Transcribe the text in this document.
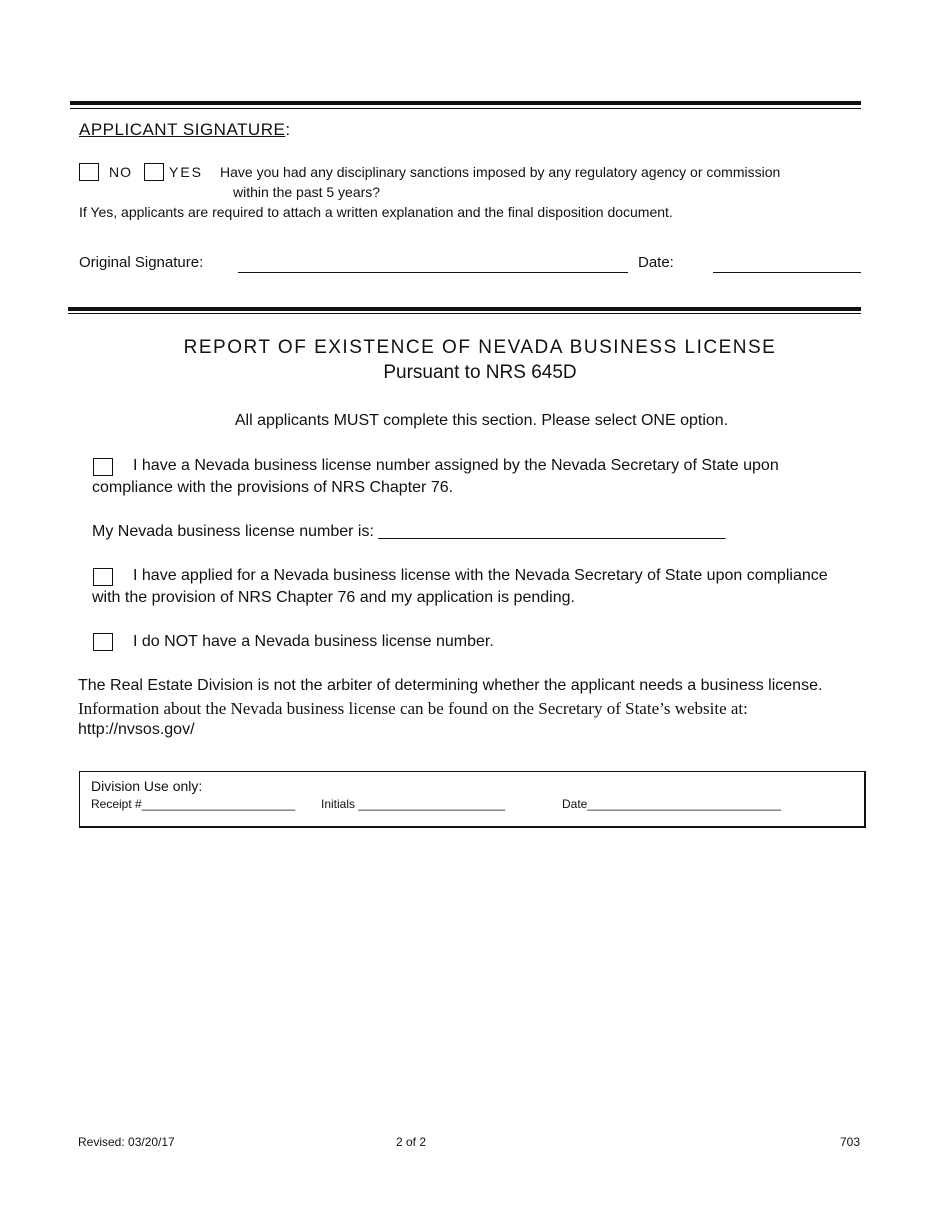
APPLICANT SIGNATURE:
NO	YES Have you had any disciplinary sanctions imposed by any regulatory agency or commission
within the past 5 years?
If Yes, applicants are required to attach a written explanation and the final disposition document.
Original Signature:	Date:
REPORT OF EXISTENCE OF NEVADA BUSINESS LICENSE
Pursuant to NRS 645D
All applicants MUST complete this section. Please select ONE option.
I have a Nevada business license number assigned by the Nevada Secretary of State upon
compliance with the provisions of NRS Chapter 76.
My Nevada business license number is: _______________________________________
I have applied for a Nevada business license with the Nevada Secretary of State upon compliance
with the provision of NRS Chapter 76 and my application is pending.
I do NOT have a Nevada business license number.
The Real Estate Division is not the arbiter of determining whether the applicant needs a business license.
Information about the Nevada business license can be found on the Secretary of State’s website at:
http://nvsos.gov/
Division Use only:
Receipt #_______________________ Initials ______________________	Date_____________________________
Revised: 03/20/17	2 of 2	703
